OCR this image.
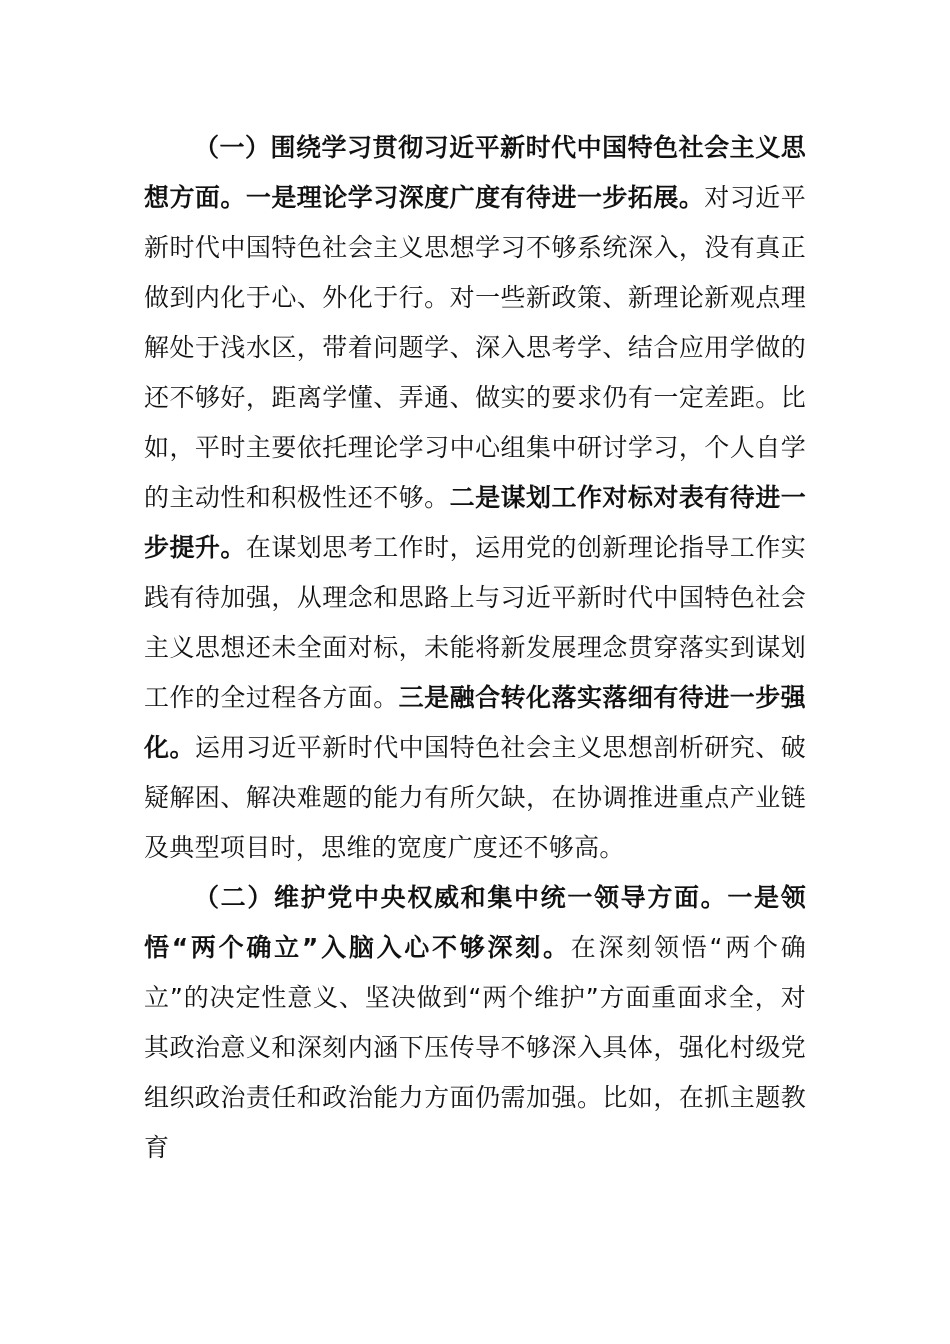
（一）围绕学习贯彻习近平新时代中国特色社会主义思想方面。一是理论学习深度广度有待进一步拓展。对习近平新时代中国特色社会主义思想学习不够系统深入，没有真正做到内化于心、外化于行。对一些新政策、新理论新观点理解处于浅水区，带着问题学、深入思考学、结合应用学做的还不够好，距离学懂、弄通、做实的要求仍有一定差距。比如，平时主要依托理论学习中心组集中研讨学习，个人自学的主动性和积极性还不够。二是谋划工作对标对表有待进一步提升。在谋划思考工作时，运用党的创新理论指导工作实践有待加强，从理念和思路上与习近平新时代中国特色社会主义思想还未全面对标，未能将新发展理念贯穿落实到谋划工作的全过程各方面。三是融合转化落实落细有待进一步强化。运用习近平新时代中国特色社会主义思想剖析研究、破疑解困、解决难题的能力有所欠缺，在协调推进重点产业链及典型项目时，思维的宽度广度还不够高。

（二）维护党中央权威和集中统一领导方面。一是领悟“两个确立”入脑入心不够深刻。在深刻领悟“两个确立”的决定性意义、坚决做到“两个维护”方面重面求全，对其政治意义和深刻内涵下压传导不够深入具体，强化村级党组织政治责任和政治能力方面仍需加强。比如，在抓主题教育
